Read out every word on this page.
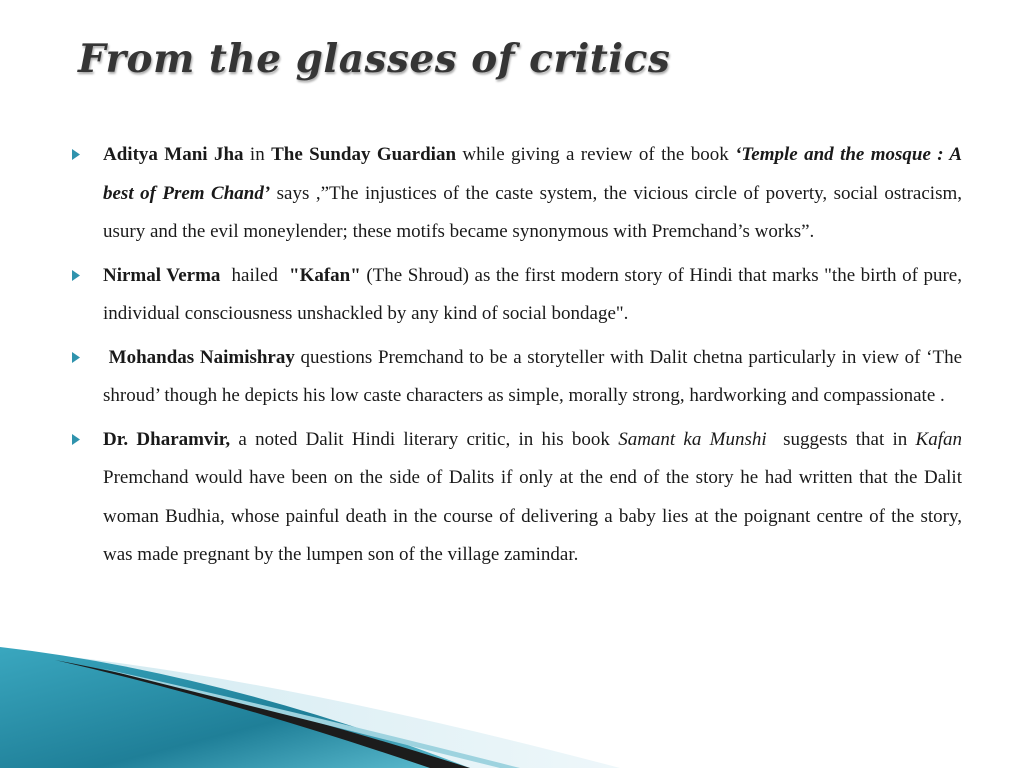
From the glasses of critics

Aditya Mani Jha in The Sunday Guardian while giving a review of the book ‘Temple and the mosque : A best of Prem Chand’ says ,”The injustices of the caste system, the vicious circle of poverty, social ostracism, usury and the evil moneylender; these motifs became synonymous with Premchand’s works”.

Nirmal Verma  hailed  "Kafan" (The Shroud) as the first modern story of Hindi that marks "the birth of pure, individual consciousness unshackled by any kind of social bondage".

Mohandas Naimishray questions Premchand to be a storyteller with Dalit chetna particularly in view of ‘The shroud’ though he depicts his low caste characters as simple, morally strong, hardworking and compassionate .

Dr. Dharamvir, a noted Dalit Hindi literary critic, in his book Samant ka Munshi  suggests that in Kafan Premchand would have been on the side of Dalits if only at the end of the story he had written that the Dalit woman Budhia, whose painful death in the course of delivering a baby lies at the poignant centre of the story, was made pregnant by the lumpen son of the village zamindar.
